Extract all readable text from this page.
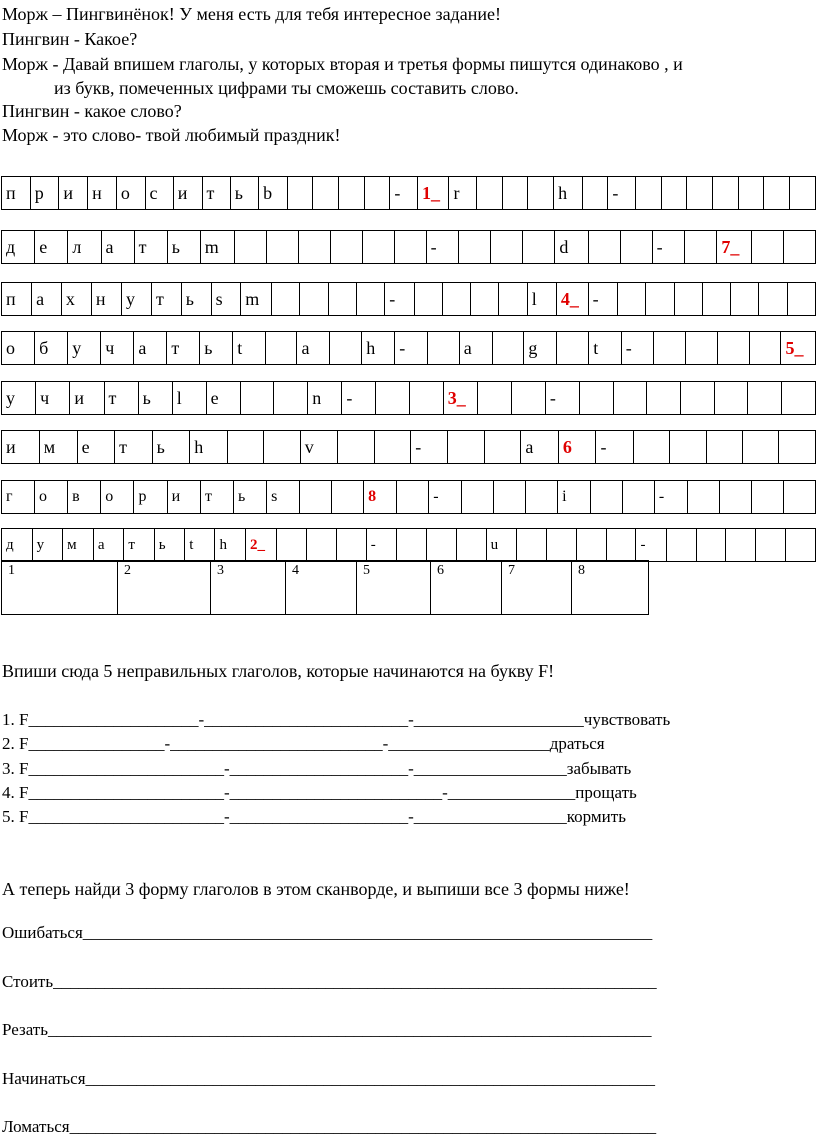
Морж – Пингвинёнок! У меня есть для тебя интересное задание!
Пингвин - Какое?
Морж - Давай впишем глаголы, у которых вторая и третья формы пишутся одинаково , и
из букв, помеченных цифрами ты сможешь составить слово.
Пингвин - какое слово?
Морж - это слово- твой любимый праздник!
п	р	и	н	о	с	и	т	ь	b					-	1_	r				h		-							
д	е	л	а	т	ь	m							-				d			-		7_		
п	а	х	н	у	т	ь	s	m					-					l	4_	-							
о	б	у	ч	а	т	ь	t		a		h	-		a		g		t	-					5_
у	ч	и	т	ь	l	e			n	-			3_			-							
и	м	е	т	ь	h			v			-			a	6	-					
г	о	в	о	р	и	т	ь	s			8		-				i			-				
д	у	м	а	т	ь	t	h	2_				-				u					-					
1	2	3	4	5	6	7	8
Впиши сюда 5 неправильных глаголов, которые начинаются на букву F!
1. F____________________-________________________-____________________чувствовать
2. F________________-_________________________-___________________драться
3. F_______________________-_____________________-__________________забывать
4. F_______________________-_________________________-_______________прощать
5. F_______________________-_____________________-__________________кормить
А теперь найди 3 форму глаголов в этом сканворде, и выпиши все 3 формы ниже!
Ошибаться___________________________________________________________________
Стоить_______________________________________________________________________
Резать_______________________________________________________________________
Начинаться___________________________________________________________________
Ломаться_____________________________________________________________________
